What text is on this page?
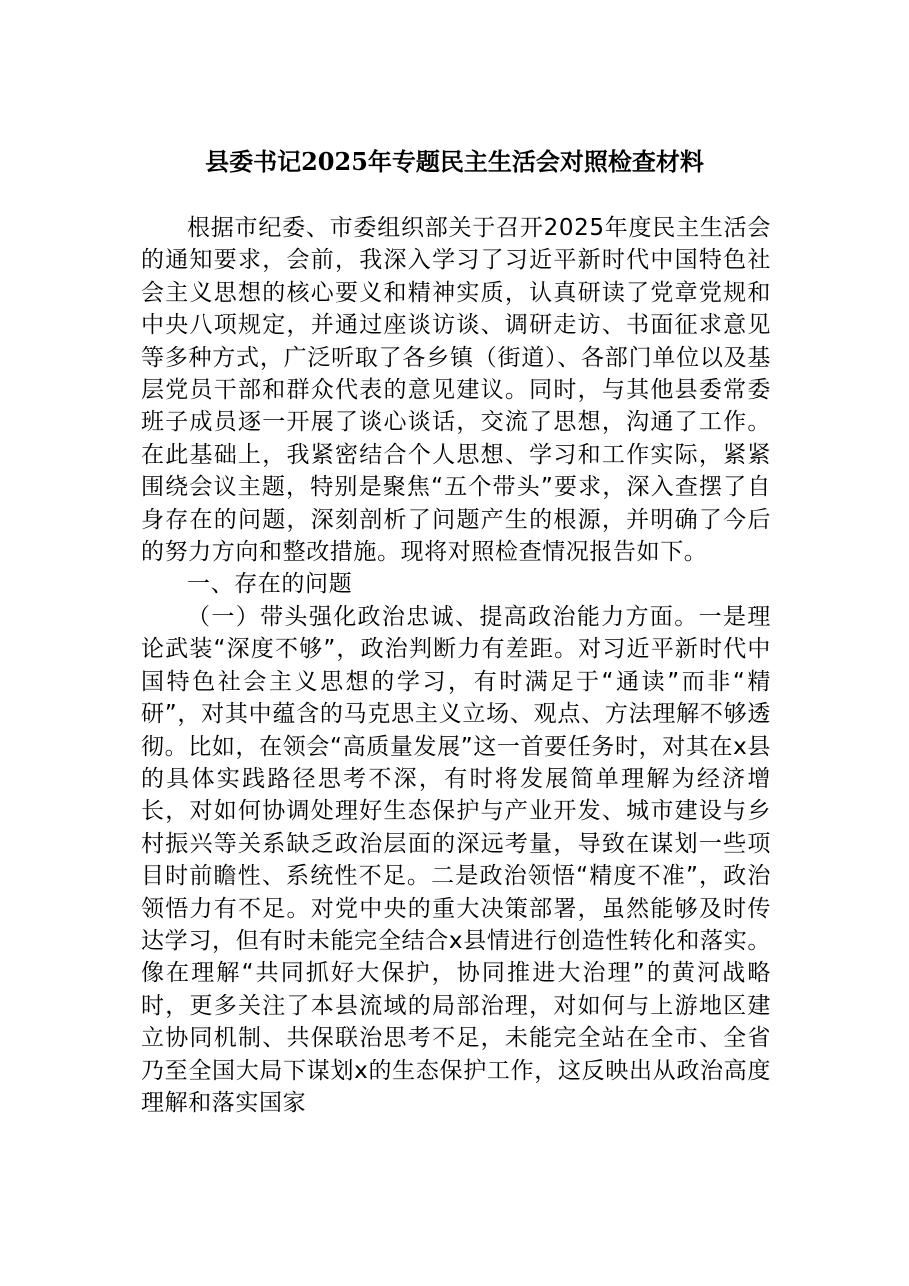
县委书记2025年专题民主生活会对照检查材料

根据市纪委、市委组织部关于召开2025年度民主生活会的通知要求，会前，我深入学习了习近平新时代中国特色社会主义思想的核心要义和精神实质，认真研读了党章党规和中央八项规定，并通过座谈访谈、调研走访、书面征求意见等多种方式，广泛听取了各乡镇（街道）、各部门单位以及基层党员干部和群众代表的意见建议。同时，与其他县委常委班子成员逐一开展了谈心谈话，交流了思想，沟通了工作。在此基础上，我紧密结合个人思想、学习和工作实际，紧紧围绕会议主题，特别是聚焦“五个带头”要求，深入查摆了自身存在的问题，深刻剖析了问题产生的根源，并明确了今后的努力方向和整改措施。现将对照检查情况报告如下。

一、存在的问题

（一）带头强化政治忠诚、提高政治能力方面。一是理论武装“深度不够”，政治判断力有差距。对习近平新时代中国特色社会主义思想的学习，有时满足于“通读”而非“精研”，对其中蕴含的马克思主义立场、观点、方法理解不够透彻。比如，在领会“高质量发展”这一首要任务时，对其在x县的具体实践路径思考不深，有时将发展简单理解为经济增长，对如何协调处理好生态保护与产业开发、城市建设与乡村振兴等关系缺乏政治层面的深远考量，导致在谋划一些项目时前瞻性、系统性不足。二是政治领悟“精度不准”，政治领悟力有不足。对党中央的重大决策部署，虽然能够及时传达学习，但有时未能完全结合x县情进行创造性转化和落实。像在理解“共同抓好大保护，协同推进大治理”的黄河战略时，更多关注了本县流域的局部治理，对如何与上游地区建立协同机制、共保联治思考不足，未能完全站在全市、全省乃至全国大局下谋划x的生态保护工作，这反映出从政治高度理解和落实国家
